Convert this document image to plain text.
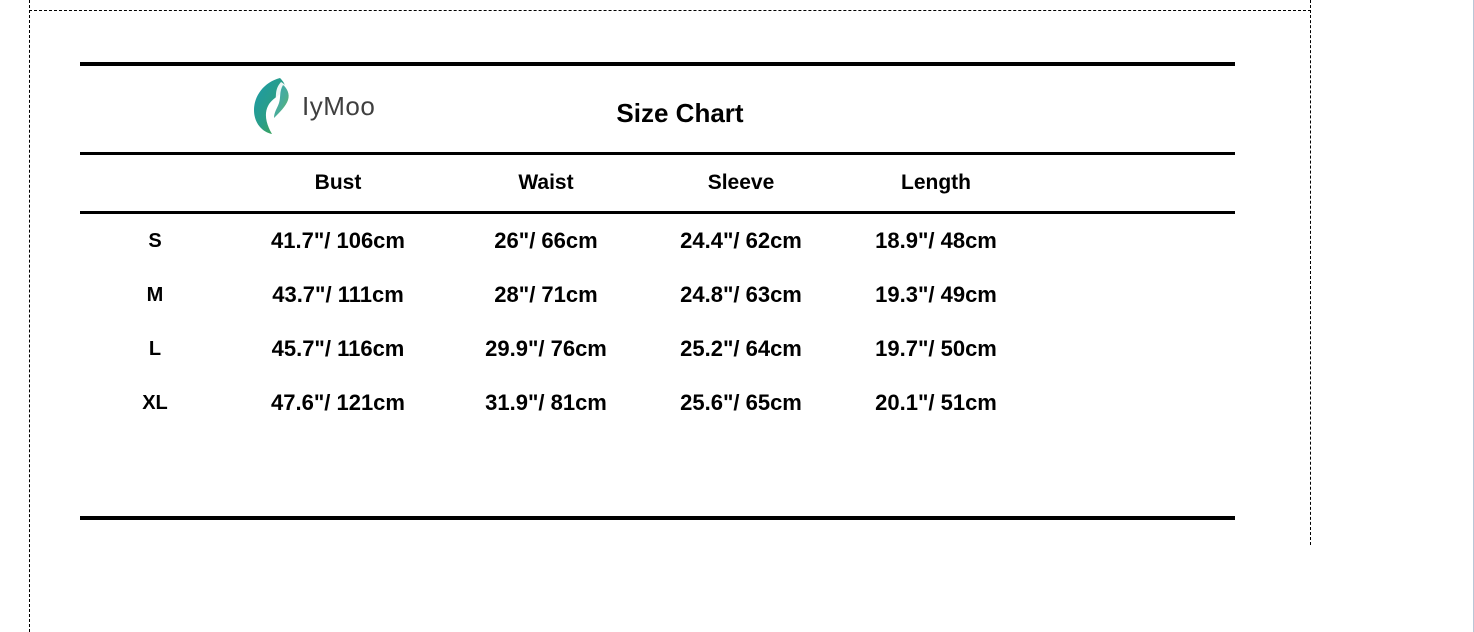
IyMoo	Size Chart
	Bust	Waist	Sleeve	Length	
S	41.7"/ 106cm	26"/ 66cm	24.4"/ 62cm	18.9"/ 48cm	
M	43.7"/ 111cm	28"/ 71cm	24.8"/ 63cm	19.3"/ 49cm	
L	45.7"/ 116cm	29.9"/ 76cm	25.2"/ 64cm	19.7"/ 50cm	
XL	47.6"/ 121cm	31.9"/ 81cm	25.6"/ 65cm	20.1"/ 51cm	
